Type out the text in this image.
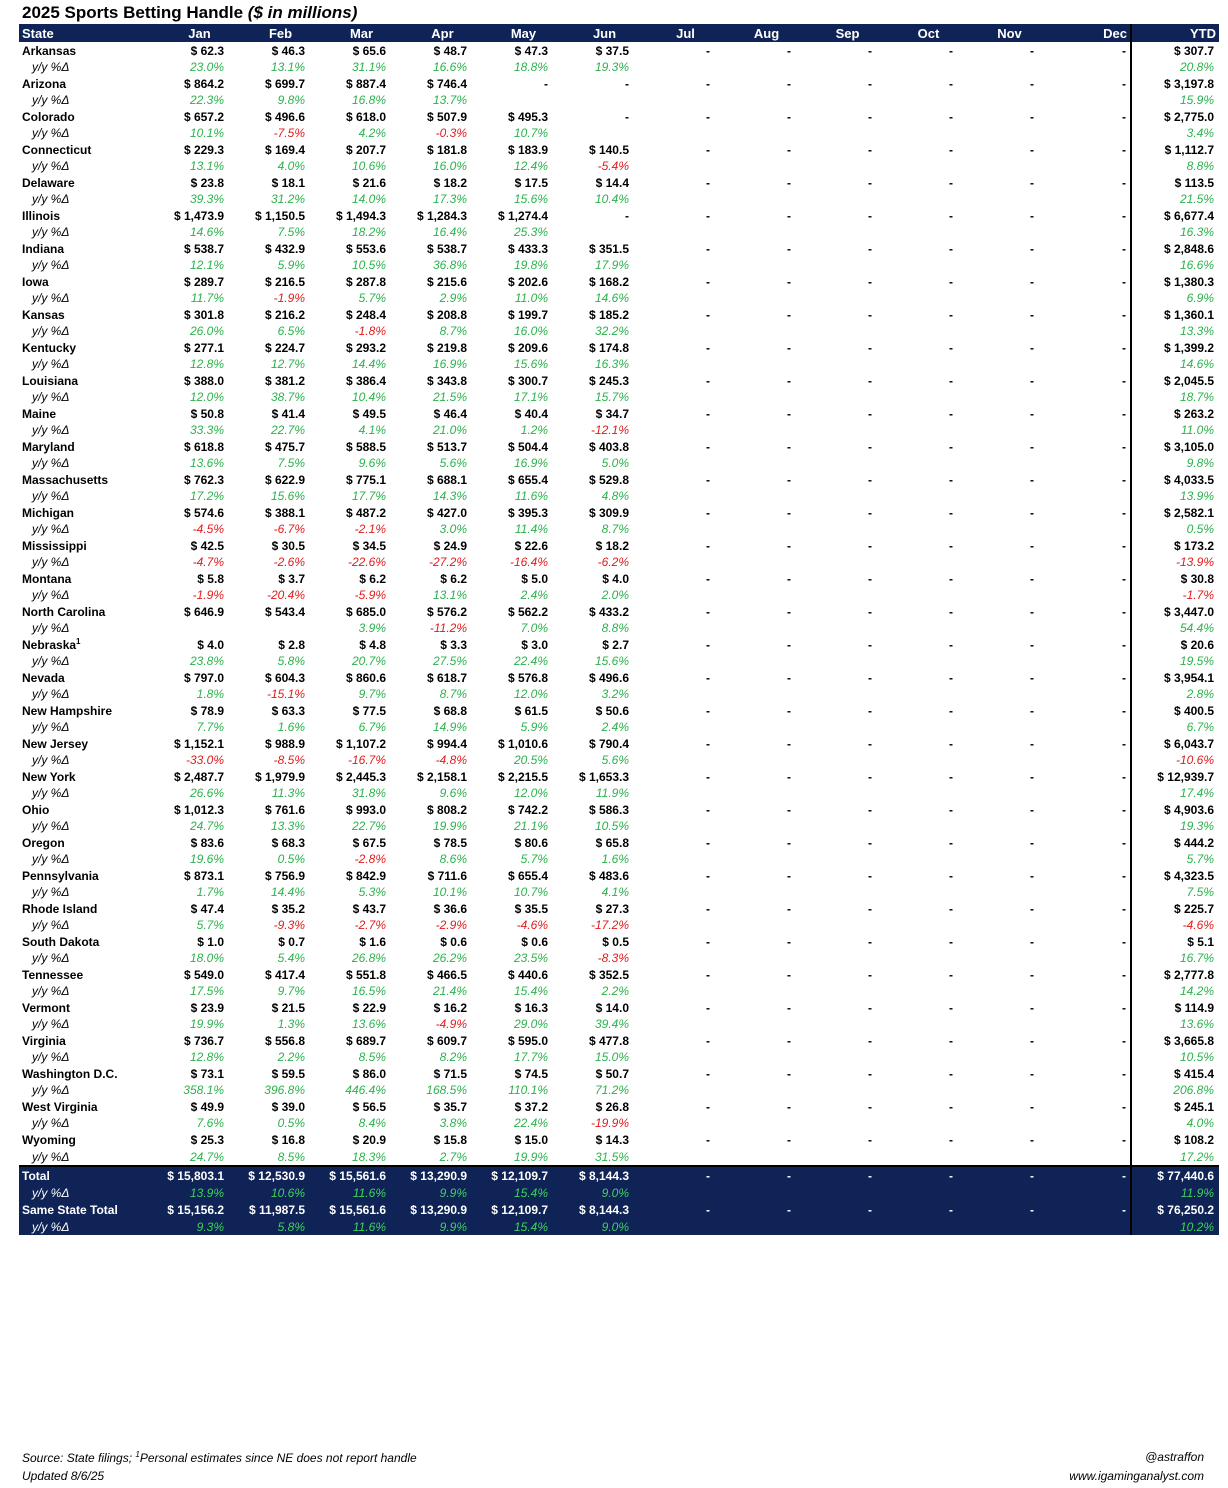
2025 Sports Betting Handle ($ in millions)
State	Jan	Feb	Mar	Apr	May	Jun	Jul	Aug	Sep	Oct	Nov	Dec	YTD
Arkansas	$ 62.3	$ 46.3	$ 65.6	$ 48.7	$ 47.3	$ 37.5	-	-	-	-	-	-	$ 307.7
y/y %Δ	23.0%	13.1%	31.1%	16.6%	18.8%	19.3%							20.8%
Arizona	$ 864.2	$ 699.7	$ 887.4	$ 746.4	-	-	-	-	-	-	-	-	$ 3,197.8
y/y %Δ	22.3%	9.8%	16.8%	13.7%									15.9%
Colorado	$ 657.2	$ 496.6	$ 618.0	$ 507.9	$ 495.3	-	-	-	-	-	-	-	$ 2,775.0
y/y %Δ	10.1%	-7.5%	4.2%	-0.3%	10.7%								3.4%
Connecticut	$ 229.3	$ 169.4	$ 207.7	$ 181.8	$ 183.9	$ 140.5	-	-	-	-	-	-	$ 1,112.7
y/y %Δ	13.1%	4.0%	10.6%	16.0%	12.4%	-5.4%							8.8%
Delaware	$ 23.8	$ 18.1	$ 21.6	$ 18.2	$ 17.5	$ 14.4	-	-	-	-	-	-	$ 113.5
y/y %Δ	39.3%	31.2%	14.0%	17.3%	15.6%	10.4%							21.5%
Illinois	$ 1,473.9	$ 1,150.5	$ 1,494.3	$ 1,284.3	$ 1,274.4	-	-	-	-	-	-	-	$ 6,677.4
y/y %Δ	14.6%	7.5%	18.2%	16.4%	25.3%								16.3%
Indiana	$ 538.7	$ 432.9	$ 553.6	$ 538.7	$ 433.3	$ 351.5	-	-	-	-	-	-	$ 2,848.6
y/y %Δ	12.1%	5.9%	10.5%	36.8%	19.8%	17.9%							16.6%
Iowa	$ 289.7	$ 216.5	$ 287.8	$ 215.6	$ 202.6	$ 168.2	-	-	-	-	-	-	$ 1,380.3
y/y %Δ	11.7%	-1.9%	5.7%	2.9%	11.0%	14.6%							6.9%
Kansas	$ 301.8	$ 216.2	$ 248.4	$ 208.8	$ 199.7	$ 185.2	-	-	-	-	-	-	$ 1,360.1
y/y %Δ	26.0%	6.5%	-1.8%	8.7%	16.0%	32.2%							13.3%
Kentucky	$ 277.1	$ 224.7	$ 293.2	$ 219.8	$ 209.6	$ 174.8	-	-	-	-	-	-	$ 1,399.2
y/y %Δ	12.8%	12.7%	14.4%	16.9%	15.6%	16.3%							14.6%
Louisiana	$ 388.0	$ 381.2	$ 386.4	$ 343.8	$ 300.7	$ 245.3	-	-	-	-	-	-	$ 2,045.5
y/y %Δ	12.0%	38.7%	10.4%	21.5%	17.1%	15.7%							18.7%
Maine	$ 50.8	$ 41.4	$ 49.5	$ 46.4	$ 40.4	$ 34.7	-	-	-	-	-	-	$ 263.2
y/y %Δ	33.3%	22.7%	4.1%	21.0%	1.2%	-12.1%							11.0%
Maryland	$ 618.8	$ 475.7	$ 588.5	$ 513.7	$ 504.4	$ 403.8	-	-	-	-	-	-	$ 3,105.0
y/y %Δ	13.6%	7.5%	9.6%	5.6%	16.9%	5.0%							9.8%
Massachusetts	$ 762.3	$ 622.9	$ 775.1	$ 688.1	$ 655.4	$ 529.8	-	-	-	-	-	-	$ 4,033.5
y/y %Δ	17.2%	15.6%	17.7%	14.3%	11.6%	4.8%							13.9%
Michigan	$ 574.6	$ 388.1	$ 487.2	$ 427.0	$ 395.3	$ 309.9	-	-	-	-	-	-	$ 2,582.1
y/y %Δ	-4.5%	-6.7%	-2.1%	3.0%	11.4%	8.7%							0.5%
Mississippi	$ 42.5	$ 30.5	$ 34.5	$ 24.9	$ 22.6	$ 18.2	-	-	-	-	-	-	$ 173.2
y/y %Δ	-4.7%	-2.6%	-22.6%	-27.2%	-16.4%	-6.2%							-13.9%
Montana	$ 5.8	$ 3.7	$ 6.2	$ 6.2	$ 5.0	$ 4.0	-	-	-	-	-	-	$ 30.8
y/y %Δ	-1.9%	-20.4%	-5.9%	13.1%	2.4%	2.0%							-1.7%
North Carolina	$ 646.9	$ 543.4	$ 685.0	$ 576.2	$ 562.2	$ 433.2	-	-	-	-	-	-	$ 3,447.0
y/y %Δ			3.9%	-11.2%	7.0%	8.8%							54.4%
Nebraska$^1$	$ 4.0	$ 2.8	$ 4.8	$ 3.3	$ 3.0	$ 2.7	-	-	-	-	-	-	$ 20.6
y/y %Δ	23.8%	5.8%	20.7%	27.5%	22.4%	15.6%							19.5%
Nevada	$ 797.0	$ 604.3	$ 860.6	$ 618.7	$ 576.8	$ 496.6	-	-	-	-	-	-	$ 3,954.1
y/y %Δ	1.8%	-15.1%	9.7%	8.7%	12.0%	3.2%							2.8%
New Hampshire	$ 78.9	$ 63.3	$ 77.5	$ 68.8	$ 61.5	$ 50.6	-	-	-	-	-	-	$ 400.5
y/y %Δ	7.7%	1.6%	6.7%	14.9%	5.9%	2.4%							6.7%
New Jersey	$ 1,152.1	$ 988.9	$ 1,107.2	$ 994.4	$ 1,010.6	$ 790.4	-	-	-	-	-	-	$ 6,043.7
y/y %Δ	-33.0%	-8.5%	-16.7%	-4.8%	20.5%	5.6%							-10.6%
New York	$ 2,487.7	$ 1,979.9	$ 2,445.3	$ 2,158.1	$ 2,215.5	$ 1,653.3	-	-	-	-	-	-	$ 12,939.7
y/y %Δ	26.6%	11.3%	31.8%	9.6%	12.0%	11.9%							17.4%
Ohio	$ 1,012.3	$ 761.6	$ 993.0	$ 808.2	$ 742.2	$ 586.3	-	-	-	-	-	-	$ 4,903.6
y/y %Δ	24.7%	13.3%	22.7%	19.9%	21.1%	10.5%							19.3%
Oregon	$ 83.6	$ 68.3	$ 67.5	$ 78.5	$ 80.6	$ 65.8	-	-	-	-	-	-	$ 444.2
y/y %Δ	19.6%	0.5%	-2.8%	8.6%	5.7%	1.6%							5.7%
Pennsylvania	$ 873.1	$ 756.9	$ 842.9	$ 711.6	$ 655.4	$ 483.6	-	-	-	-	-	-	$ 4,323.5
y/y %Δ	1.7%	14.4%	5.3%	10.1%	10.7%	4.1%							7.5%
Rhode Island	$ 47.4	$ 35.2	$ 43.7	$ 36.6	$ 35.5	$ 27.3	-	-	-	-	-	-	$ 225.7
y/y %Δ	5.7%	-9.3%	-2.7%	-2.9%	-4.6%	-17.2%							-4.6%
South Dakota	$ 1.0	$ 0.7	$ 1.6	$ 0.6	$ 0.6	$ 0.5	-	-	-	-	-	-	$ 5.1
y/y %Δ	18.0%	5.4%	26.8%	26.2%	23.5%	-8.3%							16.7%
Tennessee	$ 549.0	$ 417.4	$ 551.8	$ 466.5	$ 440.6	$ 352.5	-	-	-	-	-	-	$ 2,777.8
y/y %Δ	17.5%	9.7%	16.5%	21.4%	15.4%	2.2%							14.2%
Vermont	$ 23.9	$ 21.5	$ 22.9	$ 16.2	$ 16.3	$ 14.0	-	-	-	-	-	-	$ 114.9
y/y %Δ	19.9%	1.3%	13.6%	-4.9%	29.0%	39.4%							13.6%
Virginia	$ 736.7	$ 556.8	$ 689.7	$ 609.7	$ 595.0	$ 477.8	-	-	-	-	-	-	$ 3,665.8
y/y %Δ	12.8%	2.2%	8.5%	8.2%	17.7%	15.0%							10.5%
Washington D.C.	$ 73.1	$ 59.5	$ 86.0	$ 71.5	$ 74.5	$ 50.7	-	-	-	-	-	-	$ 415.4
y/y %Δ	358.1%	396.8%	446.4%	168.5%	110.1%	71.2%							206.8%
West Virginia	$ 49.9	$ 39.0	$ 56.5	$ 35.7	$ 37.2	$ 26.8	-	-	-	-	-	-	$ 245.1
y/y %Δ	7.6%	0.5%	8.4%	3.8%	22.4%	-19.9%							4.0%
Wyoming	$ 25.3	$ 16.8	$ 20.9	$ 15.8	$ 15.0	$ 14.3	-	-	-	-	-	-	$ 108.2
y/y %Δ	24.7%	8.5%	18.3%	2.7%	19.9%	31.5%							17.2%
Total	$ 15,803.1	$ 12,530.9	$ 15,561.6	$ 13,290.9	$ 12,109.7	$ 8,144.3	-	-	-	-	-	-	$ 77,440.6
y/y %Δ	13.9%	10.6%	11.6%	9.9%	15.4%	9.0%							11.9%
Same State Total	$ 15,156.2	$ 11,987.5	$ 15,561.6	$ 13,290.9	$ 12,109.7	$ 8,144.3	-	-	-	-	-	-	$ 76,250.2
y/y %Δ	9.3%	5.8%	11.6%	9.9%	15.4%	9.0%							10.2%
Source: State filings; $^1$Personal estimates since NE does not report handle	@astraffon
Updated 8/6/25	www.igaminganalyst.com
